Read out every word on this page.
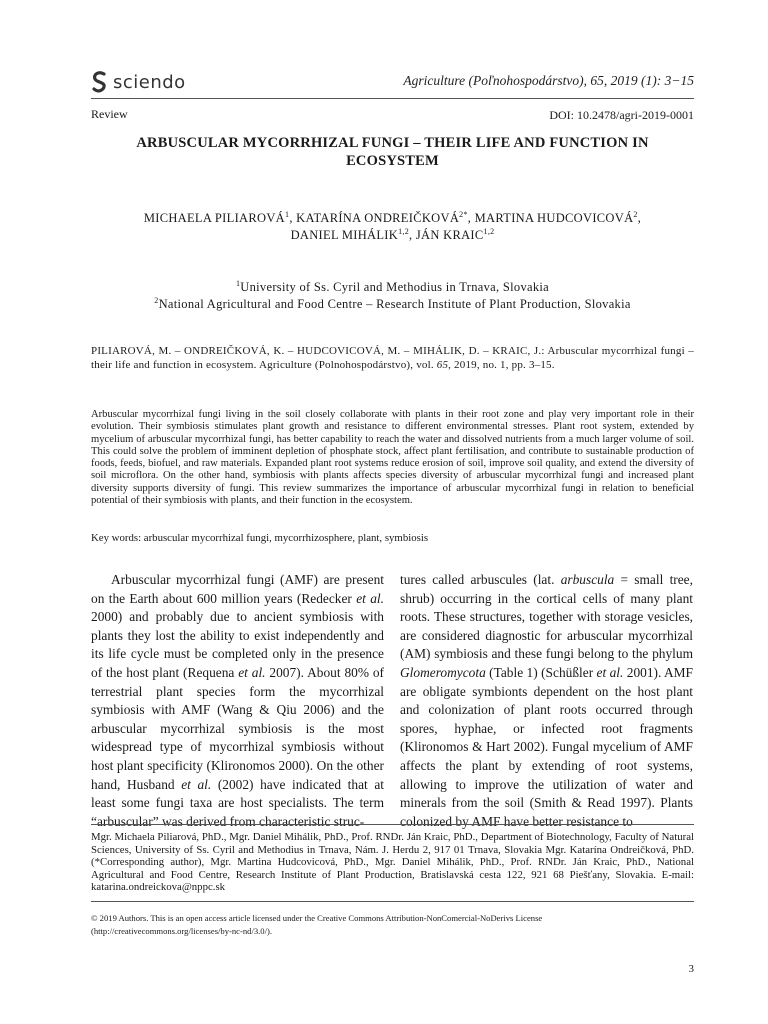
sciendo	Agriculture (Poľnohospodárstvo), 65, 2019 (1): 3−15
Review	DOI: 10.2478/agri-2019-0001
ARBUSCULAR MYCORRHIZAL FUNGI – THEIR LIFE AND FUNCTION IN
ECOSYSTEM
MICHAELA PILIAROVÁ$^1$, KATARÍNA $ONDREIČKOVÁ^{2*}$, MARTINA HUDCOVICOVÁ$^2$,
DANIEL MIHÁLIK$^{1,2}$, JÁN KRAIC$^{1,2}$
$^1$University of Ss. Cyril and Methodius in Trnava, Slovakia
$^2$National Agricultural and Food Centre – Research Institute of Plant Production, Slovakia
PILIAROVÁ, M. – ONDREIČKOVÁ, K. – HUDCOVICOVÁ, M. – MIHÁLIK, D. – KRAIC, J.: Arbuscular mycorrhizal fungi – their life and function in ecosystem. Agriculture (Polnohospodárstvo), vol. 65, 2019, no. 1, pp. 3–15.
Arbuscular mycorrhizal fungi living in the soil closely collaborate with plants in their root zone and play very important role in their evolution. Their symbiosis stimulates plant growth and resistance to different environmental stresses. Plant root system, extended by mycelium of arbuscular mycorrhizal fungi, has better capability to reach the water and dissolved nutrients from a much larger volume of soil. This could solve the problem of imminent depletion of phosphate stock, affect plant fertilisation, and contribute to sustainable production of foods, feeds, biofuel, and raw materials. Expanded plant root systems reduce erosion of soil, improve soil quality, and extend the diversity of soil microflora. On the other hand, symbiosis with plants affects species diversity of arbuscular mycorrhizal fungi and increased plant diversity supports diversity of fungi. This review summarizes the importance of arbuscular mycorrhizal fungi in relation to beneficial potential of their symbiosis with plants, and their function in the ecosystem.
Key words: arbuscular mycorrhizal fungi, mycorrhizosphere, plant, symbiosis
Arbuscular mycorrhizal fungi (AMF) are present on the Earth about 600 million years (Redecker et al. 2000) and probably due to ancient symbiosis with plants they lost the ability to exist independently and its life cycle must be completed only in the presence of the host plant (Requena et al. 2007). About 80% of terrestrial plant species form the mycorrhizal symbiosis with AMF (Wang & Qiu 2006) and the arbuscular mycorrhizal symbiosis is the most widespread type of mycorrhizal symbiosis without host plant specificity (Klironomos 2000). On the other hand, Husband et al. (2002) have indicated that at least some fungi taxa are host specialists. The term “arbuscular” was derived from characteristic struc-
tures called arbuscules (lat. arbuscula = small tree, shrub) occurring in the cortical cells of many plant roots. These structures, together with storage vesicles, are considered diagnostic for arbuscular mycorrhizal (AM) symbiosis and these fungi belong to the phylum Glomeromycota (Table 1) (Schüßler et al. 2001). AMF are obligate symbionts dependent on the host plant and colonization of plant roots occurred through spores, hyphae, or infected root fragments (Klironomos & Hart 2002). Fungal mycelium of AMF affects the plant by extending of root systems, allowing to improve the utilization of water and minerals from the soil (Smith & Read 1997). Plants colonized by AMF have better resistance to
Mgr. Michaela Piliarová, PhD., Mgr. Daniel Mihálik, PhD., Prof. RNDr. Ján Kraic, PhD., Department of Biotechnology, Faculty of Natural Sciences, University of Ss. Cyril and Methodius in Trnava, Nám. J. Herdu 2, 917 01 Trnava, Slovakia Mgr. Katarína Ondreičková, PhD. (*Corresponding author), Mgr. Martina Hudcovicová, PhD., Mgr. Daniel Mihálik, PhD., Prof. RNDr. Ján Kraic, PhD., National Agricultural and Food Centre, Research Institute of Plant Production, Bratislavská cesta 122, 921 68 Piešťany, Slovakia. E-mail: katarina.ondreickova@nppc.sk
© 2019 Authors. This is an open access article licensed under the Creative Commons Attribution-NonComercial-NoDerivs License
(http://creativecommons.org/licenses/by-nc-nd/3.0/).
3
